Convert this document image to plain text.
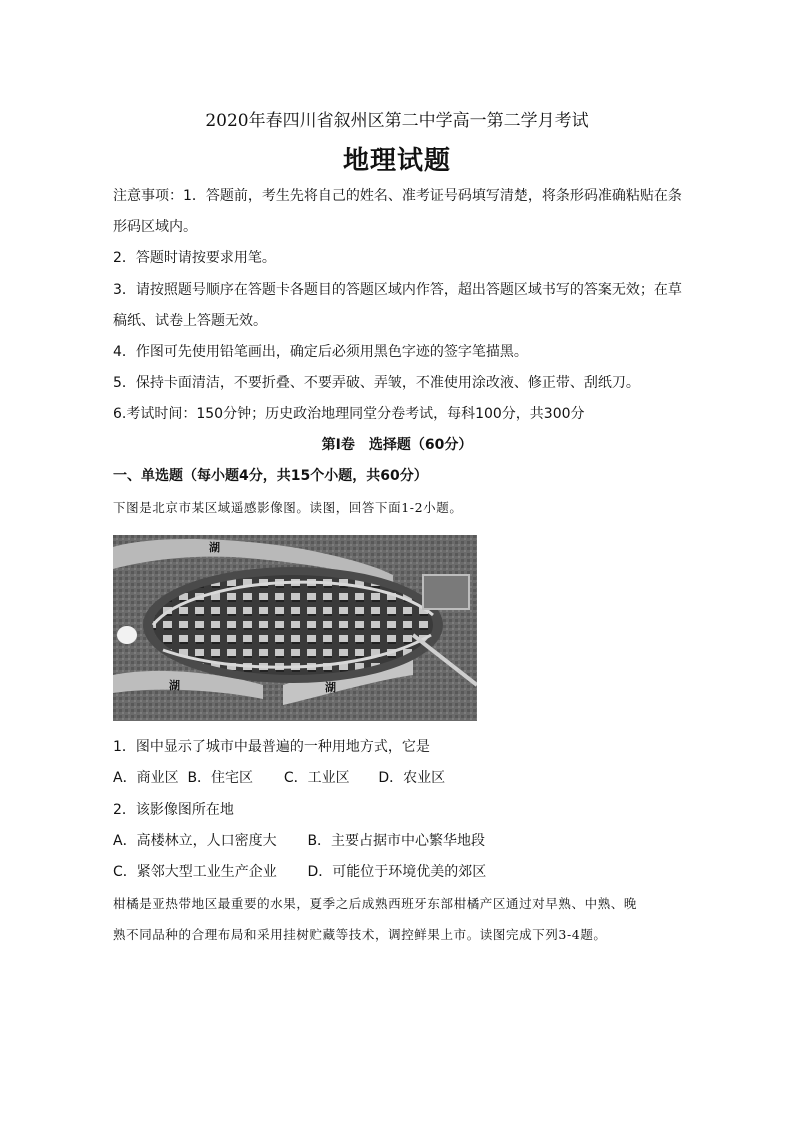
2020年春四川省叙州区第二中学高一第二学月考试
地理试题
注意事项：1．答题前，考生先将自己的姓名、准考证号码填写清楚，将条形码准确粘贴在条
形码区域内。
2．答题时请按要求用笔。
3．请按照题号顺序在答题卡各题目的答题区域内作答，超出答题区域书写的答案无效；在草
稿纸、试卷上答题无效。
4．作图可先使用铅笔画出，确定后必须用黑色字迹的签字笔描黑。
5．保持卡面清洁，不要折叠、不要弄破、弄皱，不准使用涂改液、修正带、刮纸刀。
6.考试时间：150分钟；历史政治地理同堂分卷考试，每科100分，共300分
第Ⅰ卷　选择题（60分）
一、单选题（每小题4分，共15个小题，共60分）
下图是北京市某区域遥感影像图。读图，回答下面1-2小题。
湖
湖	湖
1．图中显示了城市中最普遍的一种用地方式，它是
A．商业区 B．住宅区 C．工业区 D．农业区
2．该影像图所在地
A．高楼林立，人口密度大 B．主要占据市中心繁华地段
C．紧邻大型工业生产企业 D．可能位于环境优美的郊区
柑橘是亚热带地区最重要的水果，夏季之后成熟西班牙东部柑橘产区通过对早熟、中熟、晚
熟不同品种的合理布局和采用挂树贮藏等技术，调控鲜果上市。读图完成下列3-4题。
